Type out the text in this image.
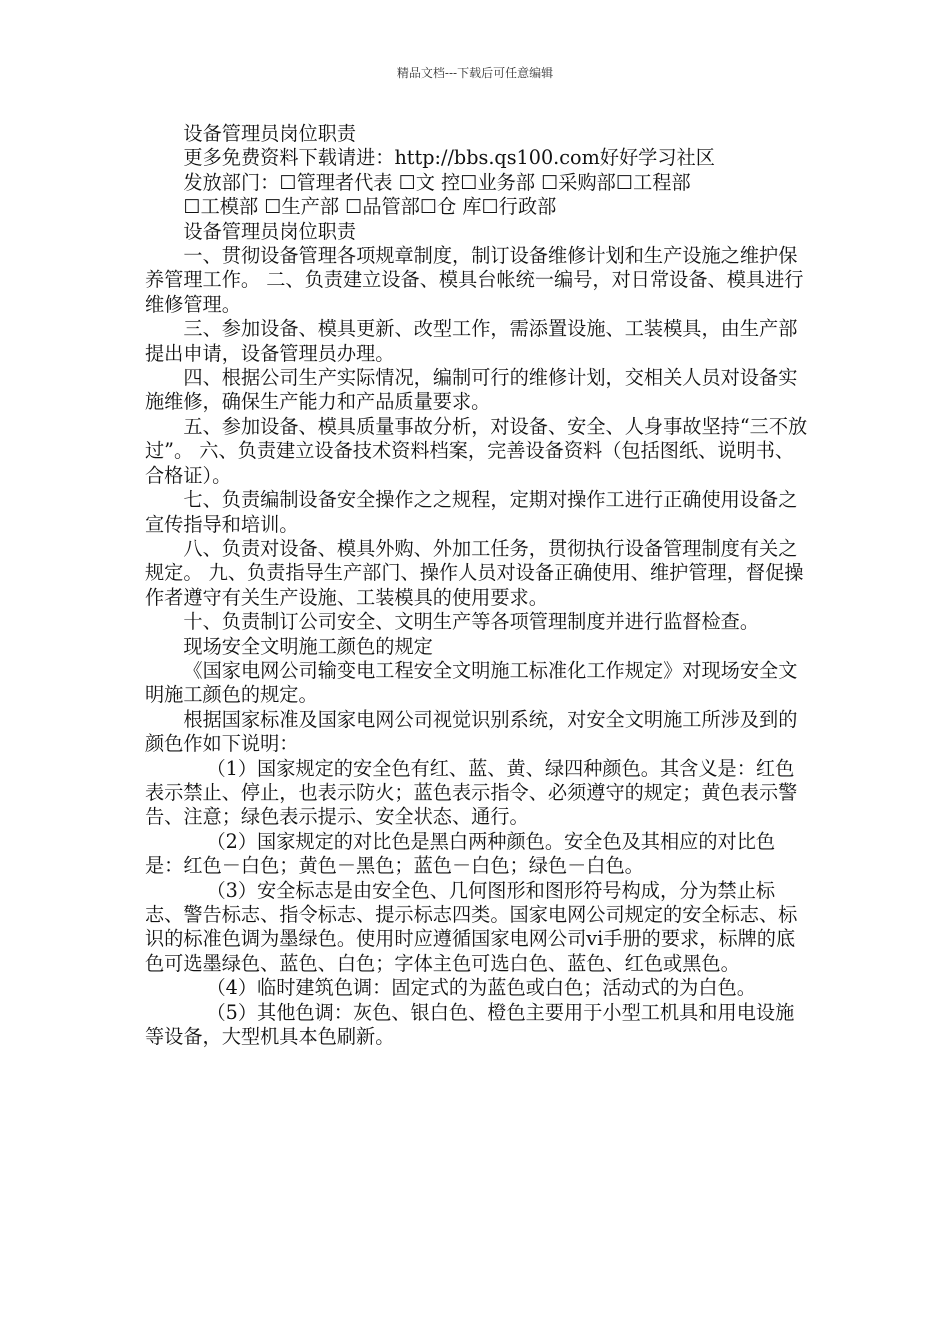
精品文档---下载后可任意编辑

设备管理员岗位职责

更多免费资料下载请进：http://bbs.qs100.com好好学习社区

发放部门：☐管理者代表 ☐文 控☐业务部 ☐采购部☐工程部

☐工模部 ☐生产部 ☐品管部☐仓 库☐行政部

设备管理员岗位职责

一、贯彻设备管理各项规章制度，制订设备维修计划和生产设施之维护保养管理工作。 二、负责建立设备、模具台帐统一编号，对日常设备、模具进行维修管理。

三、参加设备、模具更新、改型工作，需添置设施、工装模具，由生产部提出申请，设备管理员办理。

四、根据公司生产实际情况，编制可行的维修计划，交相关人员对设备实施维修，确保生产能力和产品质量要求。

五、参加设备、模具质量事故分析，对设备、安全、人身事故坚持“三不放 过”。 六、负责建立设备技术资料档案，完善设备资料（包括图纸、说明书、合格证）。

七、负责编制设备安全操作之之规程，定期对操作工进行正确使用设备之宣传指导和培训。

八、负责对设备、模具外购、外加工任务，贯彻执行设备管理制度有关之规定。 九、负责指导生产部门、操作人员对设备正确使用、维护管理，督促操作者遵守有关生产设施、工装模具的使用要求。

十、负责制订公司安全、文明生产等各项管理制度并进行监督检查。

现场安全文明施工颜色的规定

《国家电网公司输变电工程安全文明施工标准化工作规定》对现场安全文明施工颜色的规定。

根据国家标准及国家电网公司视觉识别系统，对安全文明施工所涉及到的颜色作如下说明：

（1）国家规定的安全色有红、蓝、黄、绿四种颜色。其含义是：红色表示禁止、停止，也表示防火；蓝色表示指令、必须遵守的规定；黄色表示警告、注意；绿色表示提示、安全状态、通行。

（2）国家规定的对比色是黑白两种颜色。安全色及其相应的对比色是：红色－白色；黄色－黑色；蓝色－白色；绿色－白色。

（3）安全标志是由安全色、几何图形和图形符号构成，分为禁止标志、警告标志、指令标志、提示标志四类。国家电网公司规定的安全标志、标识的标准色调为墨绿色。使用时应遵循国家电网公司vi手册的要求，标牌的底色可选墨绿色、蓝色、白色；字体主色可选白色、蓝色、红色或黑色。

（4）临时建筑色调：固定式的为蓝色或白色；活动式的为白色。

（5）其他色调：灰色、银白色、橙色主要用于小型工机具和用电设施等设备，大型机具本色刷新。
